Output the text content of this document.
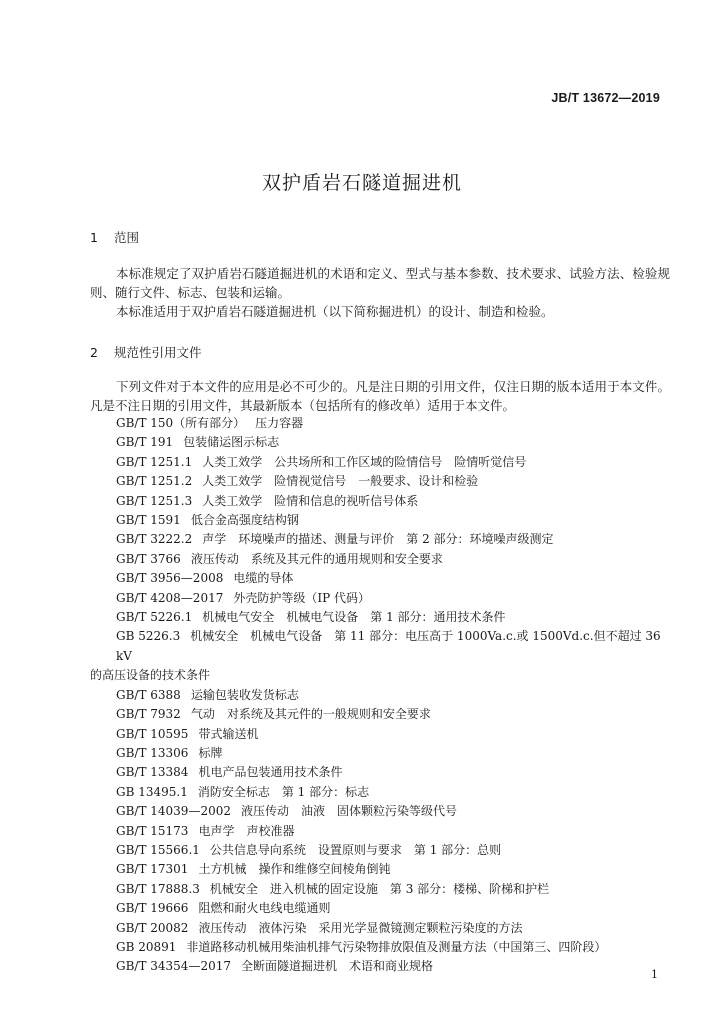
JB/T 13672—2019
双护盾岩石隧道掘进机
1 范围

本标准规定了双护盾岩石隧道掘进机的术语和定义、型式与基本参数、技术要求、试验方法、检验规则、随行文件、标志、包装和运输。

本标准适用于双护盾岩石隧道掘进机（以下简称掘进机）的设计、制造和检验。

2 规范性引用文件

下列文件对于本文件的应用是必不可少的。凡是注日期的引用文件，仅注日期的版本适用于本文件。凡是不注日期的引用文件，其最新版本（包括所有的修改单）适用于本文件。

GB/T 150（所有部分） 压力容器
GB/T 191 包装储运图示标志
GB/T 1251.1 人类工效学　公共场所和工作区域的险情信号　险情听觉信号
GB/T 1251.2 人类工效学　险情视觉信号　一般要求、设计和检验
GB/T 1251.3 人类工效学　险情和信息的视听信号体系
GB/T 1591 低合金高强度结构钢
GB/T 3222.2 声学　环境噪声的描述、测量与评价　第 2 部分：环境噪声级测定
GB/T 3766 液压传动　系统及其元件的通用规则和安全要求
GB/T 3956—2008 电缆的导体
GB/T 4208—2017 外壳防护等级（IP 代码）
GB/T 5226.1 机械电气安全　机械电气设备　第 1 部分：通用技术条件
GB 5226.3 机械安全　机械电气设备　第 11 部分：电压高于 1000Va.c.或 1500Vd.c.但不超过 36 kV
的高压设备的技术条件
GB/T 6388 运输包装收发货标志
GB/T 7932 气动　对系统及其元件的一般规则和安全要求
GB/T 10595 带式输送机
GB/T 13306 标牌
GB/T 13384 机电产品包装通用技术条件
GB 13495.1 消防安全标志　第 1 部分：标志
GB/T 14039—2002 液压传动　油液　固体颗粒污染等级代号
GB/T 15173 电声学　声校准器
GB/T 15566.1 公共信息导向系统　设置原则与要求　第 1 部分：总则
GB/T 17301 土方机械　操作和维修空间棱角倒钝
GB/T 17888.3 机械安全　进入机械的固定设施　第 3 部分：楼梯、阶梯和护栏
GB/T 19666 阻燃和耐火电线电缆通则
GB/T 20082 液压传动　液体污染　采用光学显微镜测定颗粒污染度的方法
GB 20891 非道路移动机械用柴油机排气污染物排放限值及测量方法（中国第三、四阶段）
GB/T 34354—2017 全断面隧道掘进机　术语和商业规格
1
